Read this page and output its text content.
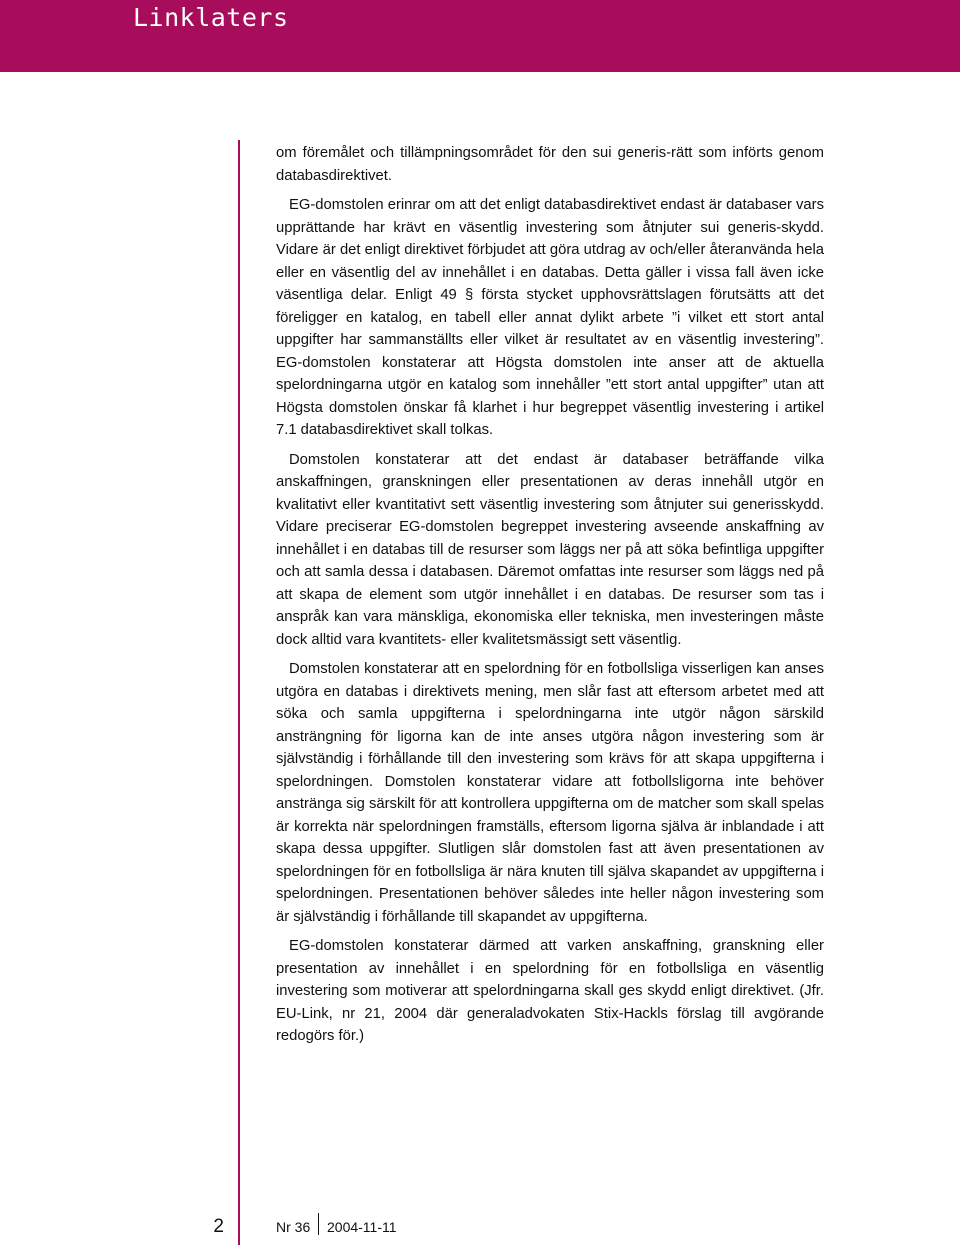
Linklaters

om föremålet och tillämpningsområdet för den sui generis-rätt som införts genom databasdirektivet.

EG-domstolen erinrar om att det enligt databasdirektivet endast är databaser vars upprättande har krävt en väsentlig investering som åtnjuter sui generis-skydd. Vidare är det enligt direktivet förbjudet att göra utdrag av och/eller återanvända hela eller en väsentlig del av innehållet i en databas. Detta gäller i vissa fall även icke väsentliga delar. Enligt 49 § första stycket upphovsrättslagen förutsätts att det föreligger en katalog, en tabell eller annat dylikt arbete ”i vilket ett stort antal uppgifter har sammanställts eller vilket är resultatet av en väsentlig investering”. EG-domstolen konstaterar att Högsta domstolen inte anser att de aktuella spelordningarna utgör en katalog som innehåller ”ett stort antal uppgifter” utan att Högsta domstolen önskar få klarhet i hur begreppet väsentlig investering i artikel 7.1 databasdirektivet skall tolkas.

Domstolen konstaterar att det endast är databaser beträffande vilka anskaffningen, granskningen eller presentationen av deras innehåll utgör en kvalitativt eller kvantitativt sett väsentlig investering som åtnjuter sui generisskydd. Vidare preciserar EG-domstolen begreppet investering avseende anskaffning av innehållet i en databas till de resurser som läggs ner på att söka befintliga uppgifter och att samla dessa i databasen. Däremot omfattas inte resurser som läggs ned på att skapa de element som utgör innehållet i en databas. De resurser som tas i anspråk kan vara mänskliga, ekonomiska eller tekniska, men investeringen måste dock alltid vara kvantitets- eller kvalitetsmässigt sett väsentlig.

Domstolen konstaterar att en spelordning för en fotbollsliga visserligen kan anses utgöra en databas i direktivets mening, men slår fast att eftersom arbetet med att söka och samla uppgifterna i spelordningarna inte utgör någon särskild ansträngning för ligorna kan de inte anses utgöra någon investering som är självständig i förhållande till den investering som krävs för att skapa uppgifterna i spelordningen. Domstolen konstaterar vidare att fotbollsligorna inte behöver anstränga sig särskilt för att kontrollera uppgifterna om de matcher som skall spelas är korrekta när spelordningen framställs, eftersom ligorna själva är inblandade i att skapa dessa uppgifter. Slutligen slår domstolen fast att även presentationen av spelordningen för en fotbollsliga är nära knuten till själva skapandet av uppgifterna i spelordningen. Presentationen behöver således inte heller någon investering som är självständig i förhållande till skapandet av uppgifterna.

EG-domstolen konstaterar därmed att varken anskaffning, granskning eller presentation av innehållet i en spelordning för en fotbollsliga en väsentlig investering som motiverar att spelordningarna skall ges skydd enligt direktivet. (Jfr. EU-Link, nr 21, 2004 där generaladvokaten Stix-Hackls förslag till avgörande redogörs för.)

2	Nr 36 2004-11-11
